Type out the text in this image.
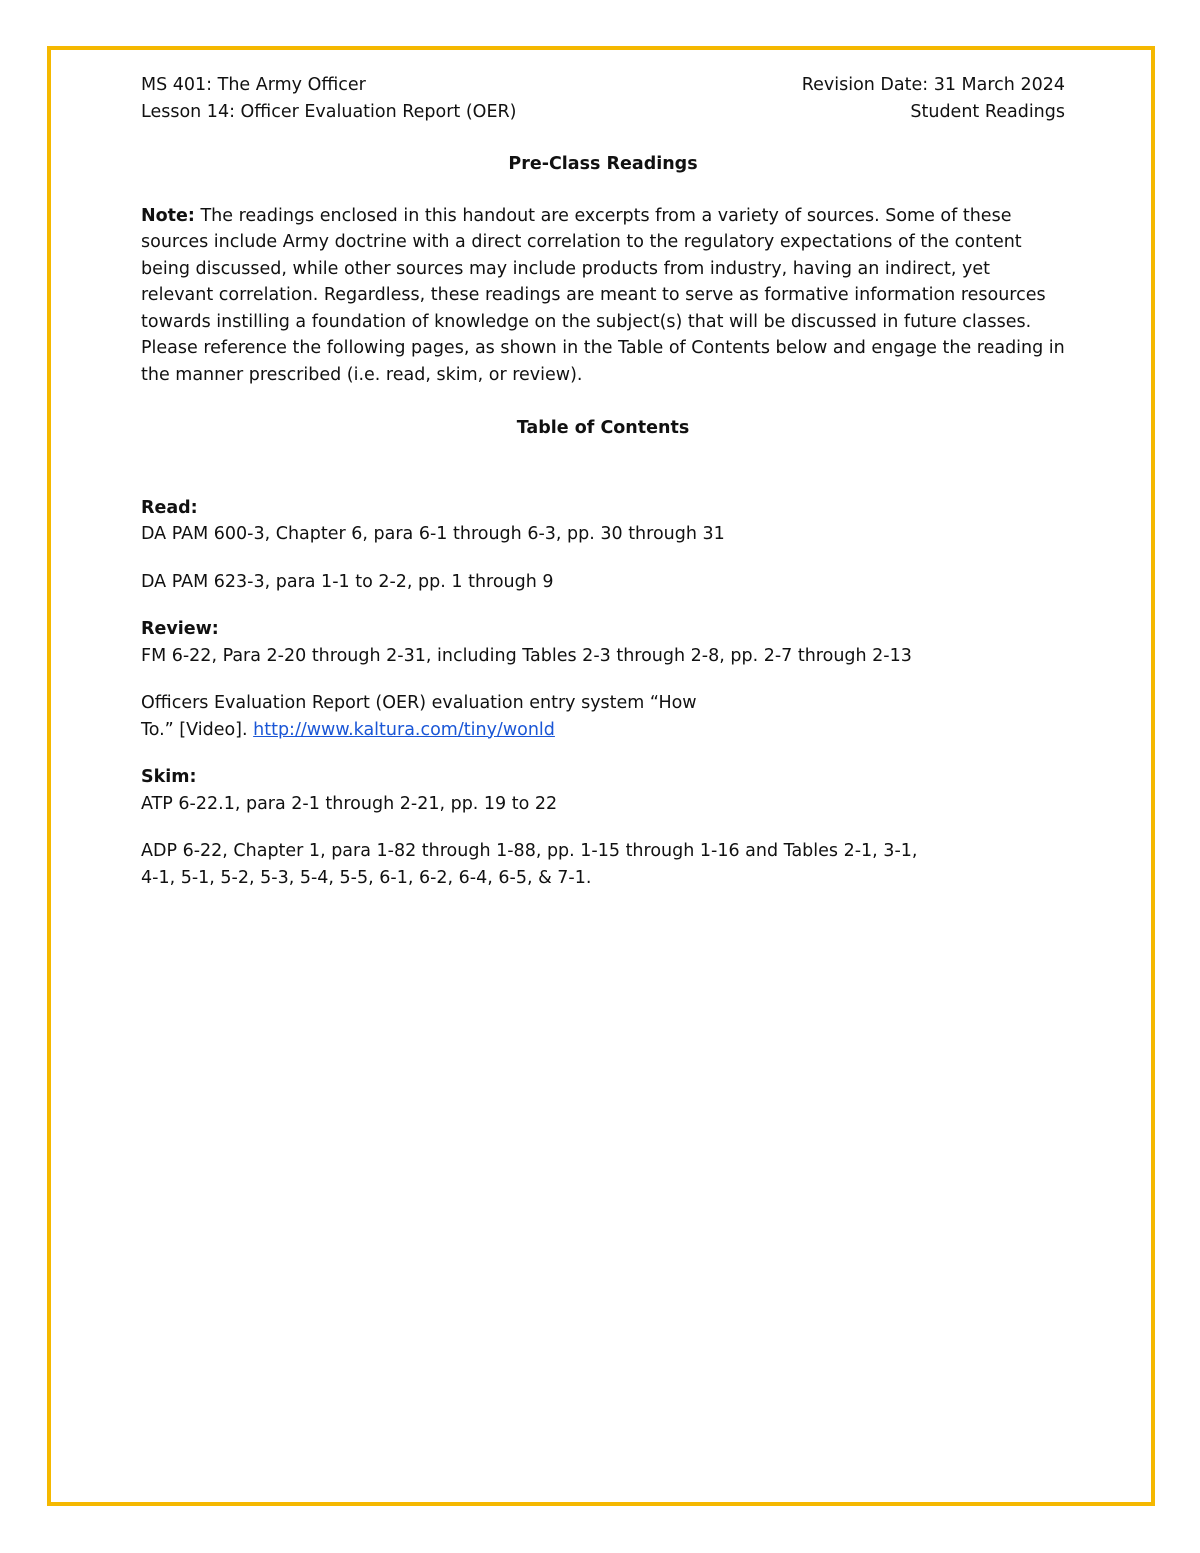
MS 401: The Army Officer	Revision Date: 31 March 2024
Lesson 14: Officer Evaluation Report (OER)	Student Readings

Pre-Class Readings

Note: The readings enclosed in this handout are excerpts from a variety of sources. Some of these sources include Army doctrine with a direct correlation to the regulatory expectations of the content being discussed, while other sources may include products from industry, having an indirect, yet relevant correlation. Regardless, these readings are meant to serve as formative information resources towards instilling a foundation of knowledge on the subject(s) that will be discussed in future classes. Please reference the following pages, as shown in the Table of Contents below and engage the reading in the manner prescribed (i.e. read, skim, or review).

Table of Contents

Read:

DA PAM 600-3, Chapter 6, para 6-1 through 6-3, pp. 30 through 31

DA PAM 623-3, para 1-1 to 2-2, pp. 1 through 9

Review:

FM 6-22, Para 2-20 through 2-31, including Tables 2-3 through 2-8, pp. 2-7 through 2-13

Officers Evaluation Report (OER) evaluation entry system “How
To.” [Video]. http://www.kaltura.com/tiny/wonld

Skim:

ATP 6-22.1, para 2-1 through 2-21, pp. 19 to 22

ADP 6-22, Chapter 1, para 1-82 through 1-88, pp. 1-15 through 1-16 and Tables 2-1, 3-1,
4-1, 5-1, 5-2, 5-3, 5-4, 5-5, 6-1, 6-2, 6-4, 6-5, & 7-1.
